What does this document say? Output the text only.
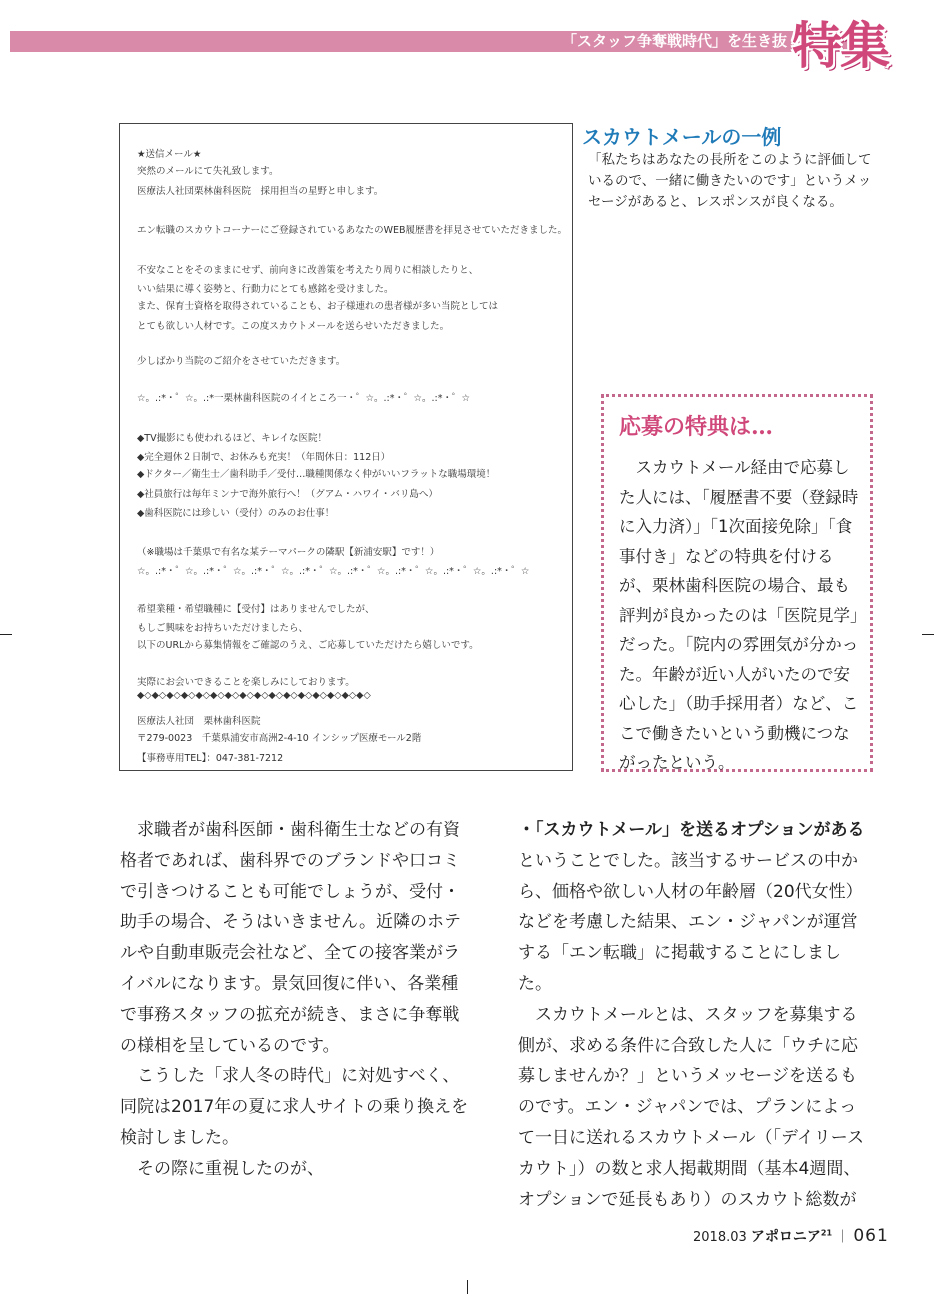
「スタッフ争奪戦時代」を生き抜く
特集
★送信メール★
突然のメールにて失礼致します。
医療法人社団栗林歯科医院　採用担当の星野と申します。
エン転職のスカウトコーナーにご登録されているあなたのWEB履歴書を拝見させていただきました。
不安なことをそのままにせず、前向きに改善策を考えたり周りに相談したりと、
いい結果に導く姿勢と、行動力にとても感銘を受けました。
また、保育士資格を取得されていることも、お子様連れの患者様が多い当院としては
とても欲しい人材です。この度スカウトメールを送らせいただきました。
少しばかり当院のご紹介をさせていただきます。
☆。.:*・゜☆。.:*一栗林歯科医院のイイところ一・゜☆。.:*・゜☆。.:*・゜☆
◆TV撮影にも使われるほど、キレイな医院！
◆完全週休２日制で、お休みも充実！（年間休日：112日）
◆ドクター／衛生士／歯科助手／受付…職種関係なく仲がいいフラットな職場環境！
◆社員旅行は毎年ミンナで海外旅行へ！（グアム・ハワイ・バリ島へ）
◆歯科医院には珍しい（受付）のみのお仕事！
（※職場は千葉県で有名な某テーマパークの隣駅【新浦安駅】です！）
☆。.:*・゜☆。.:*・゜☆。.:*・゜☆。.:*・゜☆。.:*・゜☆。.:*・゜☆。.:*・゜☆。.:*・゜☆
希望業種・希望職種に【受付】はありませんでしたが、
もしご興味をお持ちいただけましたら、
以下のURLから募集情報をご確認のうえ、ご応募していただけたら嬉しいです。
実際にお会いできることを楽しみにしております。
◆◇◆◇◆◇◆◇◆◇◆◇◆◇◆◇◆◇◆◇◆◇◆◇◆◇◆◇◆◇◆◇
医療法人社団　栗林歯科医院
〒279-0023　千葉県浦安市高洲2-4-10 インシップ医療モール2階
【事務専用TEL】：047-381-7212
スカウトメールの一例
「私たちはあなたの長所をこのように評価しているので、一緒に働きたいのです」というメッセージがあると、レスポンスが良くなる。
応募の特典は…
スカウトメール経由で応募した人には、「履歴書不要（登録時に入力済）」「1次面接免除」「食事付き」などの特典を付けるが、栗林歯科医院の場合、最も評判が良かったのは「医院見学」だった。「院内の雰囲気が分かった。年齢が近い人がいたので安心した」（助手採用者）など、ここで働きたいという動機につながったという。

求職者が歯科医師・歯科衛生士などの有資格者であれば、歯科界でのブランドや口コミで引きつけることも可能でしょうが、受付・助手の場合、そうはいきません。近隣のホテルや自動車販売会社など、全ての接客業がライバルになります。景気回復に伴い、各業種で事務スタッフの拡充が続き、まさに争奪戦の様相を呈しているのです。

こうした「求人冬の時代」に対処すべく、同院は2017年の夏に求人サイトの乗り換えを検討しました。

その際に重視したのが、

・「スカウトメール」を送るオプションがある

ということでした。該当するサービスの中から、価格や欲しい人材の年齢層（20代女性）などを考慮した結果、エン・ジャパンが運営する「エン転職」に掲載することにしました。

スカウトメールとは、スタッフを募集する側が、求める条件に合致した人に「ウチに応募しませんか？」というメッセージを送るものです。エン・ジャパンでは、プランによって一日に送れるスカウトメール（「デイリースカウト」）の数と求人掲載期間（基本4週間、オプションで延長もあり）のスカウト総数が

2018.03 アポロニア$^{21}$ ｜ 061
